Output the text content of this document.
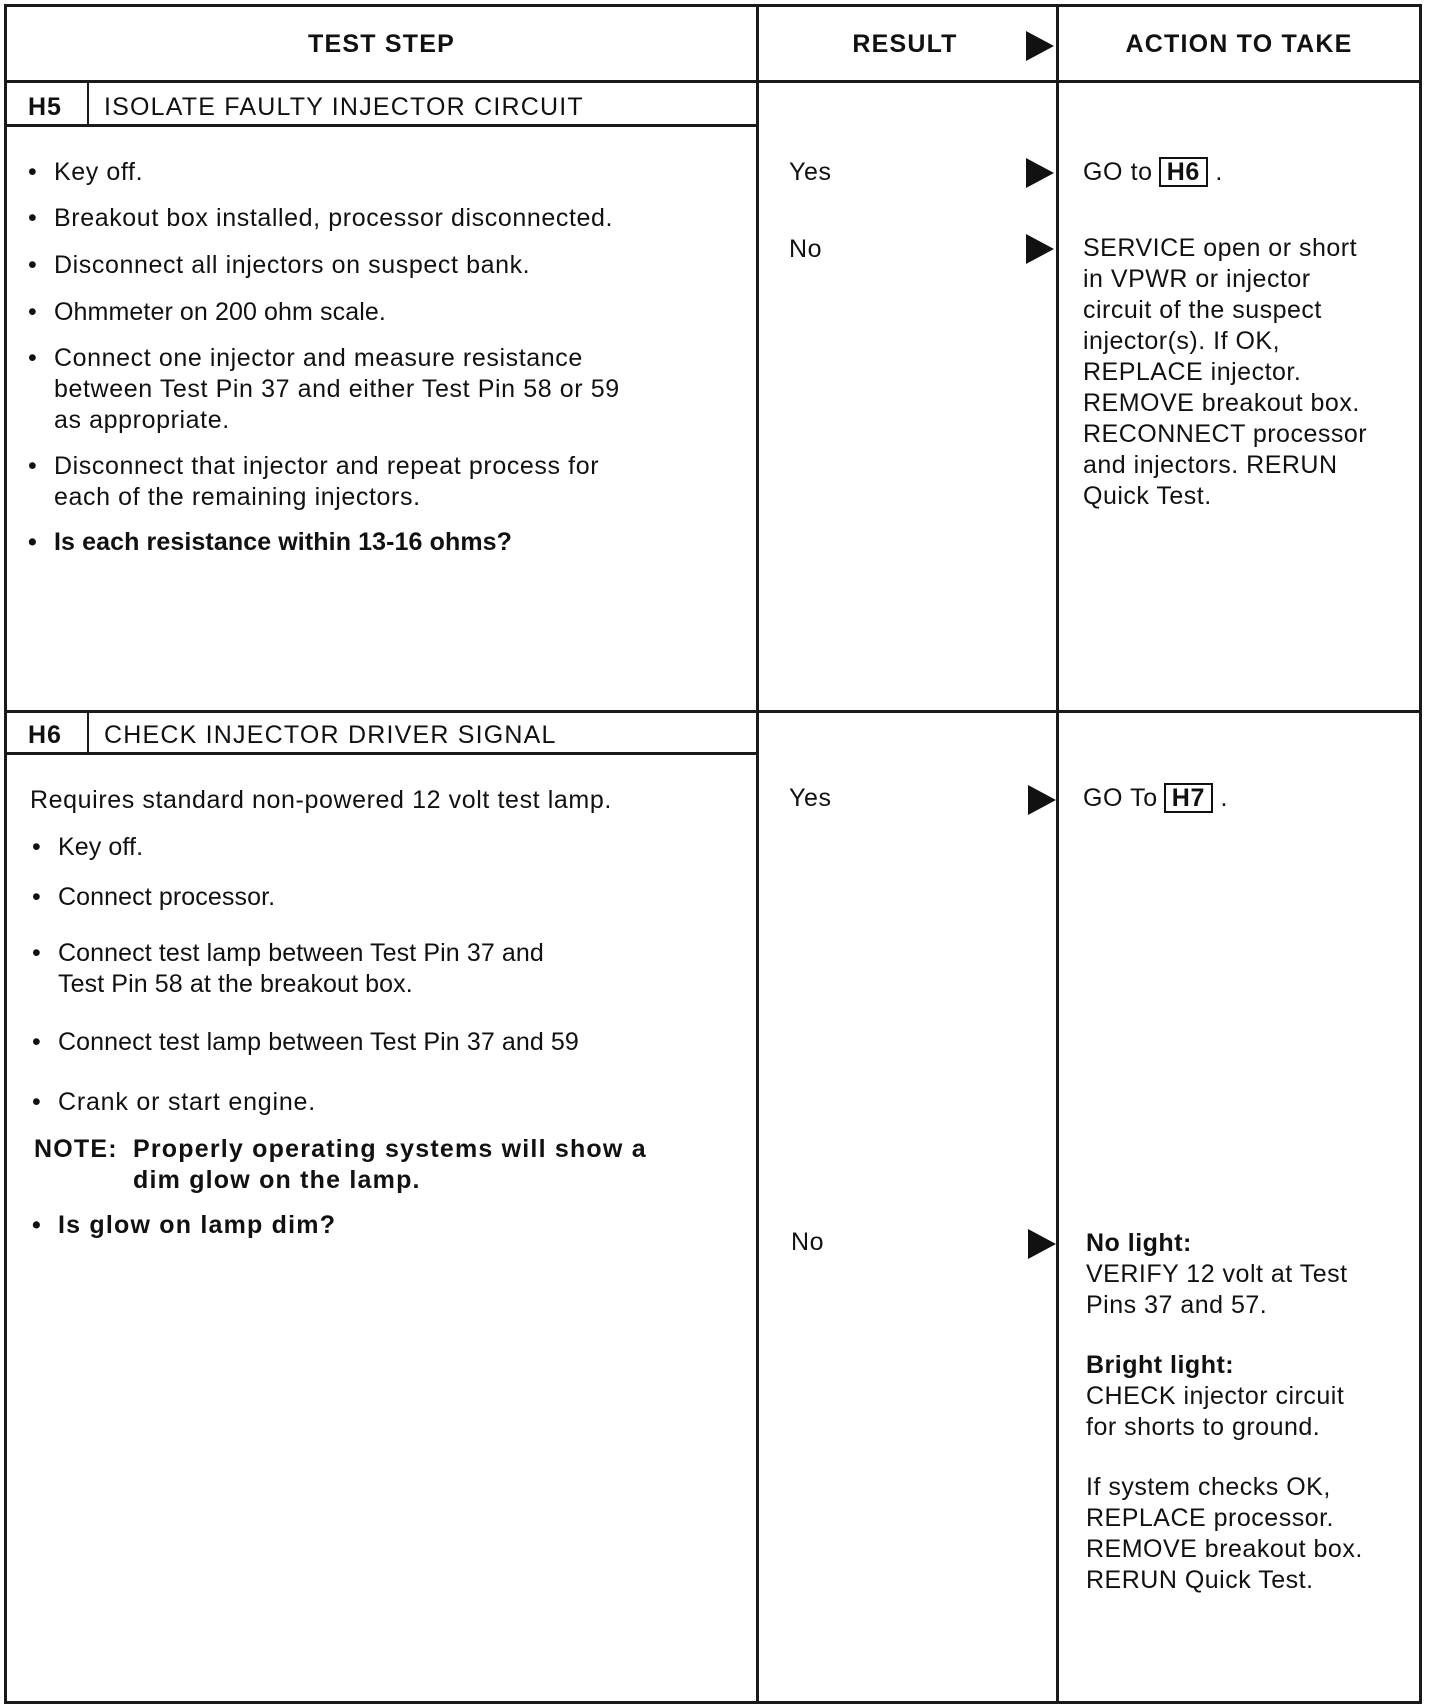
TEST STEP	RESULT	ACTION TO TAKE
H5 ISOLATE FAULTY INJECTOR CIRCUIT
• Key off.
• Breakout box installed, processor disconnected.
• Disconnect all injectors on suspect bank.
• Ohmmeter on 200 ohm scale.
• Connect one injector and measure resistance
between Test Pin 37 and either Test Pin 58 or 59
as appropriate.
• Disconnect that injector and repeat process for
each of the remaining injectors.
• Is each resistance within 13-16 ohms?
Yes
No
GO to H6 .

SERVICE open or short

in VPWR or injector

circuit of the suspect

injector(s). If OK,

REPLACE injector.

REMOVE breakout box.

RECONNECT processor

and injectors. RERUN

Quick Test.

H6 CHECK INJECTOR DRIVER SIGNAL
Requires standard non-powered 12 volt test lamp.
• Key off.
• Connect processor.
• Connect test lamp between Test Pin 37 and
Test Pin 58 at the breakout box.
• Connect test lamp between Test Pin 37 and 59
• Crank or start engine.
NOTE: Properly operating systems will show a
dim glow on the lamp.
• Is glow on lamp dim?
Yes
No
GO To H7 .

No light:

VERIFY 12 volt at Test

Pins 37 and 57.

Bright light:

CHECK injector circuit

for shorts to ground.

If system checks OK,

REPLACE processor.

REMOVE breakout box.

RERUN Quick Test.
